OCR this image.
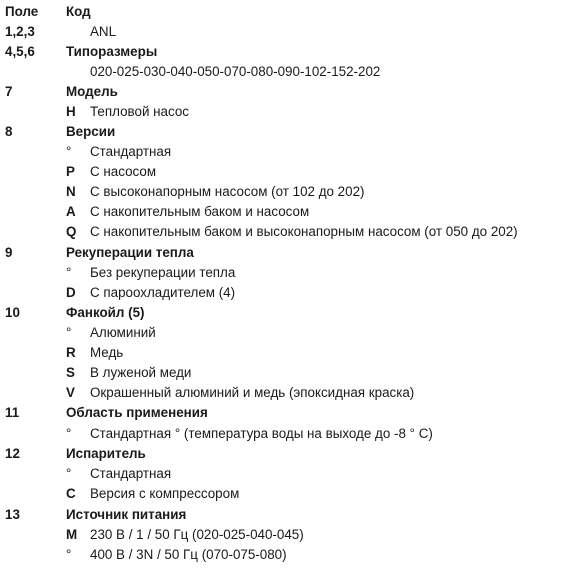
Поле Код
1,2,3	ANL
4,5,6 Типоразмеры
020-025-030-040-050-070-080-090-102-152-202
7	Модель
H Тепловой насос
8	Версии
° Стандартная
P С насосом
N С высоконапорным насосом (от 102 до 202)
A С накопительным баком и насосом
Q С накопительным баком и высоконапорным насосом (от 050 до 202)
9	Рекуперации тепла
° Без рекуперации тепла
D С пароохладителем (4)
10	Фанкойл (5)
° Алюминий
R Медь
S В луженой меди
V Окрашенный алюминий и медь (эпоксидная краска)
11	Область применения
° Стандартная ° (температура воды на выходе до -8 ° C)
12	Испаритель
° Стандартная
C Версия с компрессором
13	Источник питания
M 230 В / 1 / 50 Гц (020-025-040-045)
° 400 В / 3N / 50 Гц (070-075-080)
